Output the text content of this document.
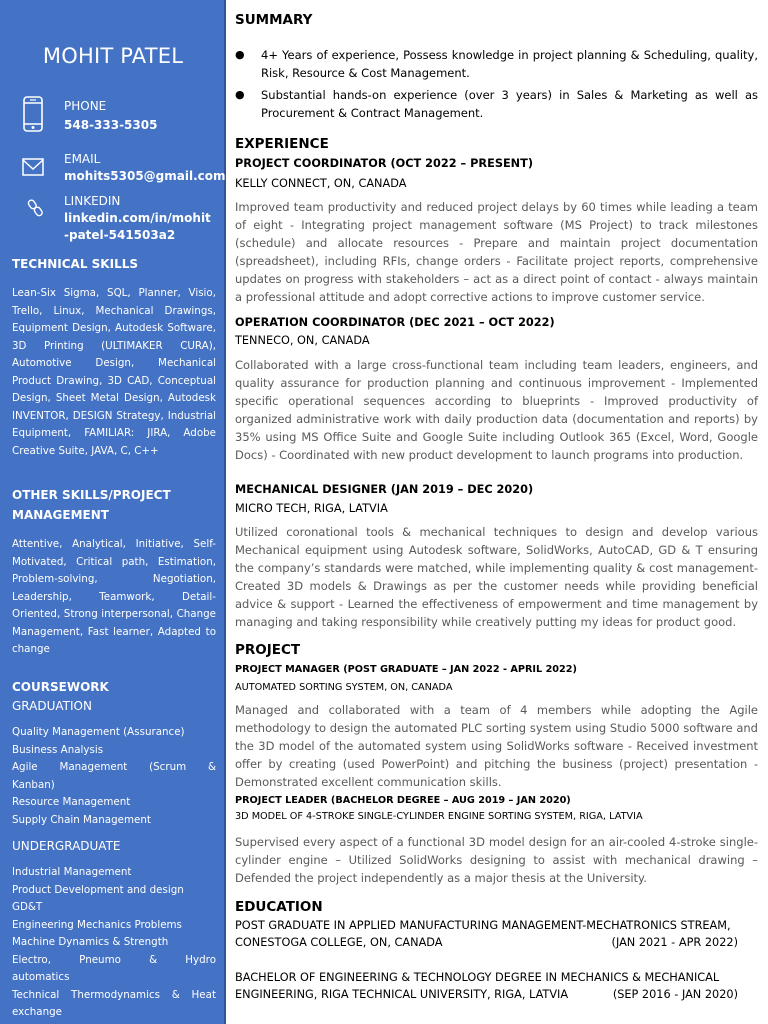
MOHIT PATEL
PHONE
548-333-5305
EMAIL
mohits5305@gmail.com
LINKEDIN
linkedin.com/in/mohit
-patel-541503a2
TECHNICAL SKILLS
Lean-Six Sigma, SQL, Planner, Visio, Trello, Linux, Mechanical Drawings, Equipment Design, Autodesk Software, 3D Printing (ULTIMAKER CURA), Automotive Design, Mechanical Product Drawing, 3D CAD, Conceptual Design, Sheet Metal Design, Autodesk INVENTOR, DESIGN Strategy, Industrial Equipment, FAMILIAR: JIRA, Adobe Creative Suite, JAVA, C, C++
OTHER SKILLS/PROJECT MANAGEMENT
Attentive, Analytical, Initiative, Self-Motivated, Critical path, Estimation, Problem-solving, Negotiation, Leadership, Teamwork, Detail-Oriented, Strong interpersonal, Change Management, Fast learner, Adapted to change
COURSEWORK
GRADUATION
Quality Management (Assurance)
Business Analysis
Agile Management (Scrum &
Kanban)
Resource Management
Supply Chain Management
UNDERGRADUATE
Industrial Management
Product Development and design
GD&T
Engineering Mechanics Problems
Machine Dynamics & Strength
Electro, Pneumo & Hydro
automatics
Technical Thermodynamics & Heat
exchange
SUMMARY
● 4+ Years of experience, Possess knowledge in project planning & Scheduling, quality, Risk, Resource & Cost Management.
● Substantial hands-on experience (over 3 years) in Sales & Marketing as well as Procurement & Contract Management.
EXPERIENCE
PROJECT COORDINATOR (OCT 2022 – PRESENT)
KELLY CONNECT, ON, CANADA
Improved team productivity and reduced project delays by 60 times while leading a team of eight - Integrating project management software (MS Project) to track milestones (schedule) and allocate resources - Prepare and maintain project documentation (spreadsheet), including RFIs, change orders - Facilitate project reports, comprehensive updates on progress with stakeholders – act as a direct point of contact - always maintain a professional attitude and adopt corrective actions to improve customer service.
OPERATION COORDINATOR (DEC 2021 – OCT 2022)
TENNECO, ON, CANADA
Collaborated with a large cross-functional team including team leaders, engineers, and quality assurance for production planning and continuous improvement - Implemented specific operational sequences according to blueprints - Improved productivity of organized administrative work with daily production data (documentation and reports) by 35% using MS Office Suite and Google Suite including Outlook 365 (Excel, Word, Google Docs) - Coordinated with new product development to launch programs into production.
MECHANICAL DESIGNER (JAN 2019 – DEC 2020)
MICRO TECH, RIGA, LATVIA
Utilized coronational tools & mechanical techniques to design and develop various Mechanical equipment using Autodesk software, SolidWorks, AutoCAD, GD & T ensuring the company’s standards were matched, while implementing quality & cost management-Created 3D models & Drawings as per the customer needs while providing beneficial advice & support - Learned the effectiveness of empowerment and time management by managing and taking responsibility while creatively putting my ideas for product good.
PROJECT
PROJECT MANAGER (POST GRADUATE – JAN 2022 - APRIL 2022)
AUTOMATED SORTING SYSTEM, ON, CANADA
Managed and collaborated with a team of 4 members while adopting the Agile methodology to design the automated PLC sorting system using Studio 5000 software and the 3D model of the automated system using SolidWorks software - Received investment offer by creating (used PowerPoint) and pitching the business (project) presentation -Demonstrated excellent communication skills.
PROJECT LEADER (BACHELOR DEGREE – AUG 2019 – JAN 2020)
3D MODEL OF 4-STROKE SINGLE-CYLINDER ENGINE SORTING SYSTEM, RIGA, LATVIA
Supervised every aspect of a functional 3D model design for an air-cooled 4-stroke single-cylinder engine – Utilized SolidWorks designing to assist with mechanical drawing – Defended the project independently as a major thesis at the University.
EDUCATION
POST GRADUATE IN APPLIED MANUFACTURING MANAGEMENT-MECHATRONICS STREAM,
CONESTOGA COLLEGE, ON, CANADA	(JAN 2021 - APR 2022)
BACHELOR OF ENGINEERING & TECHNOLOGY DEGREE IN MECHANICS & MECHANICAL
ENGINEERING, RIGA TECHNICAL UNIVERSITY, RIGA, LATVIA	(SEP 2016 - JAN 2020)
